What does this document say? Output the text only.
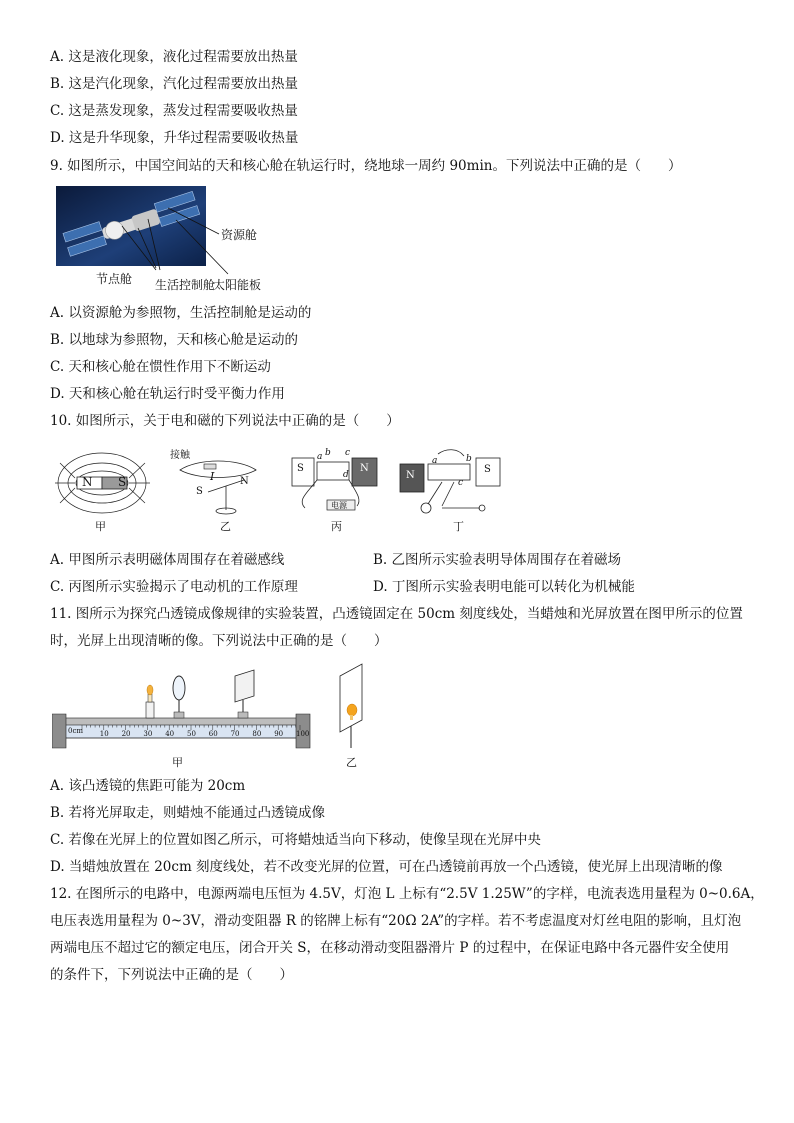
A. 这是液化现象，液化过程需要放出热量
B. 这是汽化现象，汽化过程需要放出热量
C. 这是蒸发现象，蒸发过程需要吸收热量
D. 这是升华现象，升华过程需要吸收热量
9. 如图所示，中国空间站的天和核心舱在轨运行时，绕地球一周约 90min。下列说法中正确的是（　　）
资源舱
节点舱 生活控制舱
太阳能板
A. 以资源舱为参照物，生活控制舱是运动的
B. 以地球为参照物，天和核心舱是运动的
C. 天和核心舱在惯性作用下不断运动
D. 天和核心舱在轨运行时受平衡力作用
10. 如图所示，关于电和磁的下列说法中正确的是（　　）
N S
甲
接触
I
S
N
乙
S	N
a b c
d
电源
丙
N
S
a	b
c
丁
A. 甲图所示表明磁体周围存在着磁感线	B. 乙图所示实验表明导体周围存在着磁场
C. 丙图所示实验揭示了电动机的工作原理	D. 丁图所示实验表明电能可以转化为机械能
11. 图所示为探究凸透镜成像规律的实验装置，凸透镜固定在 50cm 刻度线处，当蜡烛和光屏放置在图甲所示的位置
时，光屏上出现清晰的像。下列说法中正确的是（　　）
0cm 10 20 30 40 50 60 70 80 90 100
甲	乙
A. 该凸透镜的焦距可能为 20cm
B. 若将光屏取走，则蜡烛不能通过凸透镜成像
C. 若像在光屏上的位置如图乙所示，可将蜡烛适当向下移动，使像呈现在光屏中央
D. 当蜡烛放置在 20cm 刻度线处，若不改变光屏的位置，可在凸透镜前再放一个凸透镜，使光屏上出现清晰的像
12. 在图所示的电路中，电源两端电压恒为 4.5V，灯泡 L 上标有“2.5V 1.25W”的字样，电流表选用量程为 0~0.6A，
电压表选用量程为 0~3V，滑动变阻器 R 的铭牌上标有“20Ω 2A”的字样。若不考虑温度对灯丝电阻的影响，且灯泡
两端电压不超过它的额定电压，闭合开关 S，在移动滑动变阻器滑片 P 的过程中，在保证电路中各元器件安全使用
的条件下，下列说法中正确的是（　　）
